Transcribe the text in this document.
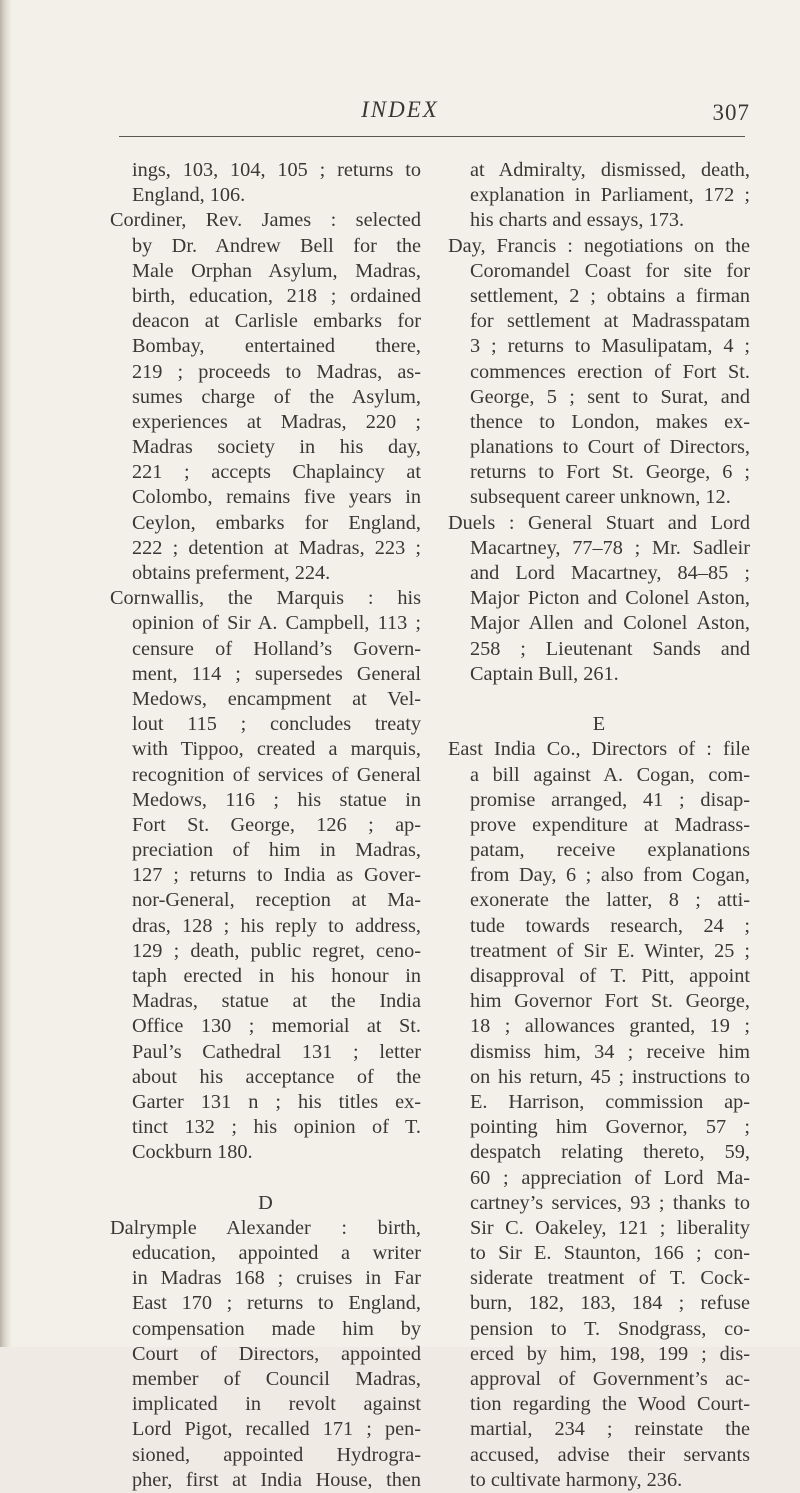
INDEX	307
ings, 103, 104, 105 ; returns to
England, 106.
Cordiner, Rev. James : selected
by Dr. Andrew Bell for the
Male Orphan Asylum, Madras,
birth, education, 218 ; ordained
deacon at Carlisle embarks for
Bombay, entertained there,
219 ; proceeds to Madras, as-
sumes charge of the Asylum,
experiences at Madras, 220 ;
Madras society in his day,
221 ; accepts Chaplaincy at
Colombo, remains five years in
Ceylon, embarks for England,
222 ; detention at Madras, 223 ;
obtains preferment, 224.
Cornwallis, the Marquis : his
opinion of Sir A. Campbell, 113 ;
censure of Holland’s Govern-
ment, 114 ; supersedes General
Medows, encampment at Vel-
lout 115 ; concludes treaty
with Tippoo, created a marquis,
recognition of services of General
Medows, 116 ; his statue in
Fort St. George, 126 ; ap-
preciation of him in Madras,
127 ; returns to India as Gover-
nor-General, reception at Ma-
dras, 128 ; his reply to address,
129 ; death, public regret, ceno-
taph erected in his honour in
Madras, statue at the India
Office 130 ; memorial at St.
Paul’s Cathedral 131 ; letter
about his acceptance of the
Garter 131 n ; his titles ex-
tinct 132 ; his opinion of T.
Cockburn 180.
D
Dalrymple Alexander : birth,
education, appointed a writer
in Madras 168 ; cruises in Far
East 170 ; returns to England,
compensation made him by
Court of Directors, appointed
member of Council Madras,
implicated in revolt against
Lord Pigot, recalled 171 ; pen-
sioned, appointed Hydrogra-
pher, first at India House, then
at Admiralty, dismissed, death,
explanation in Parliament, 172 ;
his charts and essays, 173.
Day, Francis : negotiations on the
Coromandel Coast for site for
settlement, 2 ; obtains a firman
for settlement at Madrasspatam
3 ; returns to Masulipatam, 4 ;
commences erection of Fort St.
George, 5 ; sent to Surat, and
thence to London, makes ex-
planations to Court of Directors,
returns to Fort St. George, 6 ;
subsequent career unknown, 12.
Duels : General Stuart and Lord
Macartney, 77–78 ; Mr. Sadleir
and Lord Macartney, 84–85 ;
Major Picton and Colonel Aston,
Major Allen and Colonel Aston,
258 ; Lieutenant Sands and
Captain Bull, 261.
E
East India Co., Directors of : file
a bill against A. Cogan, com-
promise arranged, 41 ; disap-
prove expenditure at Madrass-
patam, receive explanations
from Day, 6 ; also from Cogan,
exonerate the latter, 8 ; atti-
tude towards research, 24 ;
treatment of Sir E. Winter, 25 ;
disapproval of T. Pitt, appoint
him Governor Fort St. George,
18 ; allowances granted, 19 ;
dismiss him, 34 ; receive him
on his return, 45 ; instructions to
E. Harrison, commission ap-
pointing him Governor, 57 ;
despatch relating thereto, 59,
60 ; appreciation of Lord Ma-
cartney’s services, 93 ; thanks to
Sir C. Oakeley, 121 ; liberality
to Sir E. Staunton, 166 ; con-
siderate treatment of T. Cock-
burn, 182, 183, 184 ; refuse
pension to T. Snodgrass, co-
erced by him, 198, 199 ; dis-
approval of Government’s ac-
tion regarding the Wood Court-
martial, 234 ; reinstate the
accused, advise their servants
to cultivate harmony, 236.
